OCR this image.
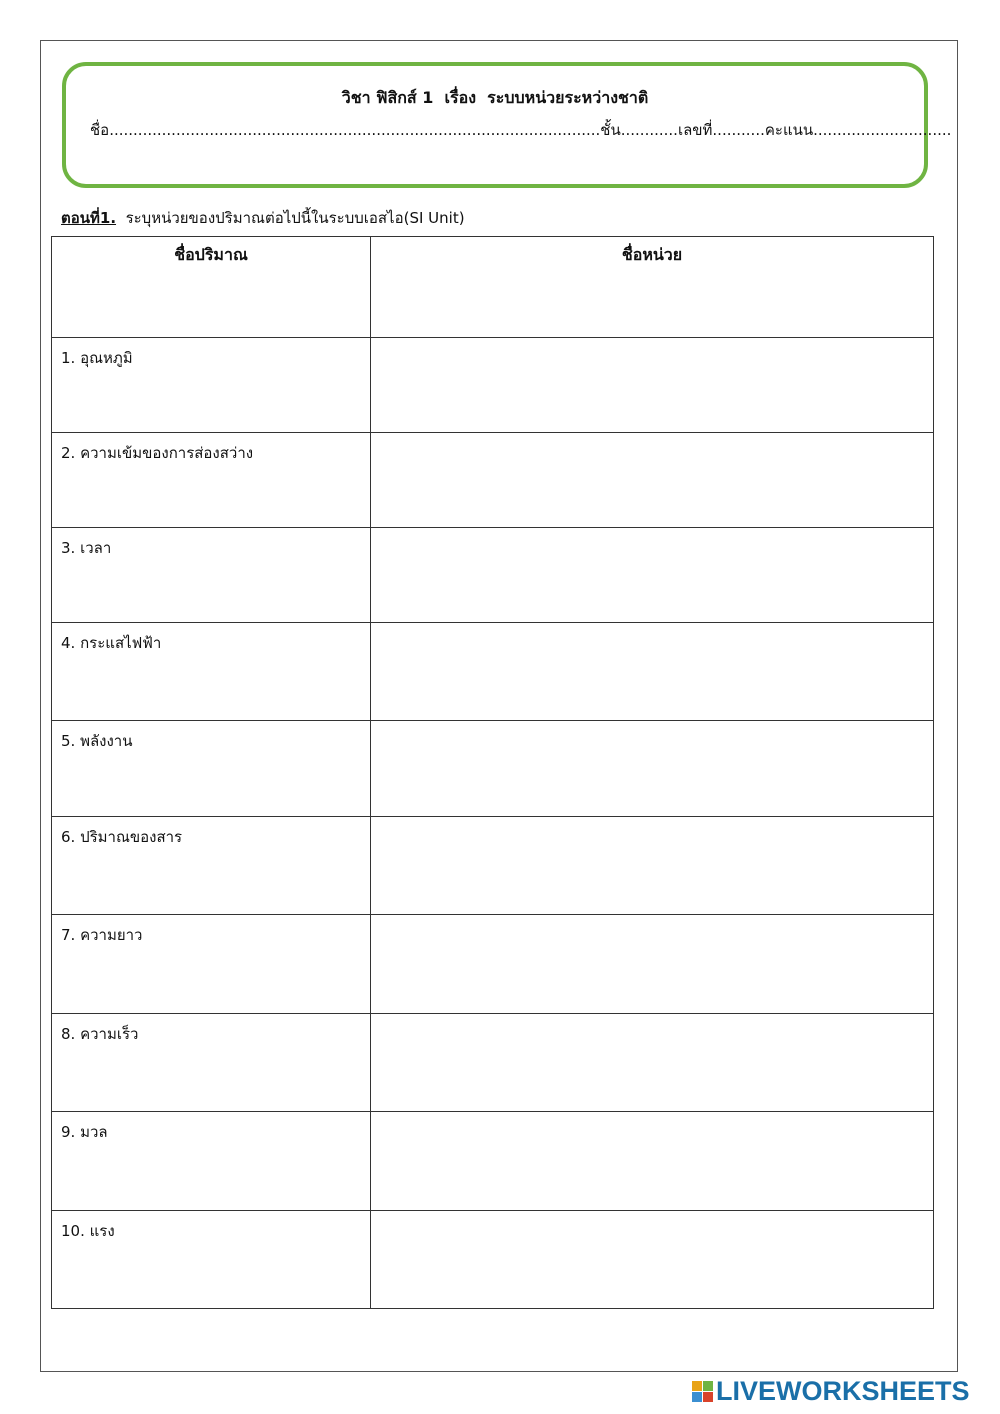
วิชา ฟิสิกส์ 1  เรื่อง  ระบบหน่วยระหว่างชาติ
ชื่อ.......................................................................................................ชั้น............เลขที่...........คะแนน.............................
ตอนที่1.  ระบุหน่วยของปริมาณต่อไปนี้ในระบบเอสไอ(SI Unit)
ชื่อปริมาณ	ชื่อหน่วย
1. อุณหภูมิ	
2. ความเข้มของการส่องสว่าง	
3. เวลา	
4. กระแสไฟฟ้า	
5. พลังงาน	
6. ปริมาณของสาร	
7. ความยาว	
8. ความเร็ว	
9. มวล	
10. แรง	
LIVEWORKSHEETS
